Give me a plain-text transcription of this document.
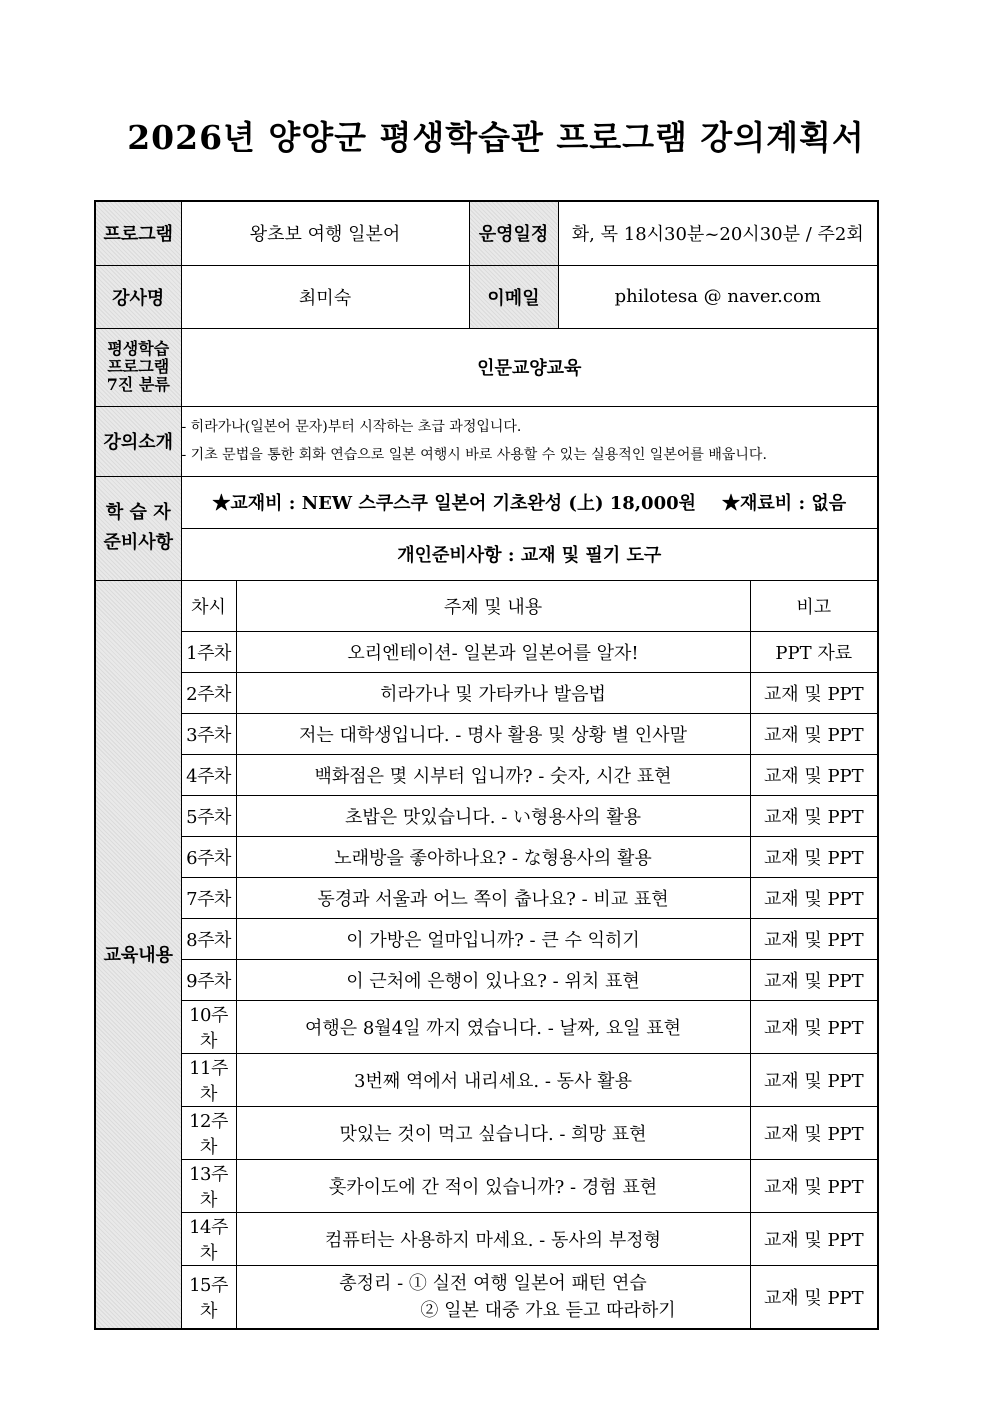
2026년 양양군 평생학습관 프로그램 강의계획서
프로그램	왕초보 여행 일본어		운영일정	화, 목 18시30분~20시30분 / 주2회	
강사명	최미숙		이메일	philotesa @ naver.com	

평생학습
프로그램
7진 분류	인문교양교육				
강의소개	- 히라가나(일본어 문자)부터 시작하는 초급 과정입니다.
- 기초 문법을 통한 회화 연습으로 일본 여행시 바로 사용할 수 있는 실용적인 일본어를 배웁니다.				

학 습 자
준비사항	★교재비 : NEW 스쿠스쿠 일본어 기초완성 (上) 18,000원 ★재료비 : 없음				
	개인준비사항 : 교재 및 필기 도구				
교육내용	차시	주제 및 내용			비고
	1주차	오리엔테이션- 일본과 일본어를 알자!			PPT 자료
	2주차	히라가나 및 가타카나 발음법			교재 및 PPT
	3주차	저는 대학생입니다. - 명사 활용 및 상황 별 인사말			교재 및 PPT
	4주차	백화점은 몇 시부터 입니까? - 숫자, 시간 표현			교재 및 PPT
	5주차	초밥은 맛있습니다. - い형용사의 활용			교재 및 PPT
	6주차	노래방을 좋아하나요? - な형용사의 활용			교재 및 PPT
	7주차	동경과 서울과 어느 쪽이 춥나요? - 비교 표현			교재 및 PPT
	8주차	이 가방은 얼마입니까? - 큰 수 익히기			교재 및 PPT
	9주차	이 근처에 은행이 있나요? - 위치 표현			교재 및 PPT
	10주차	여행은 8월4일 까지 였습니다. - 날짜, 요일 표현			교재 및 PPT
	11주차	3번째 역에서 내리세요. - 동사 활용			교재 및 PPT
	12주차	맛있는 것이 먹고 싶습니다. - 희망 표현			교재 및 PPT
	13주차	홋카이도에 간 적이 있습니까? - 경험 표현			교재 및 PPT
	14주차	컴퓨터는 사용하지 마세요. - 동사의 부정형			교재 및 PPT
	15주차	총정리 - ① 실전 여행 일본어 패턴 연습
② 일본 대중 가요 듣고 따라하기			교재 및 PPT
